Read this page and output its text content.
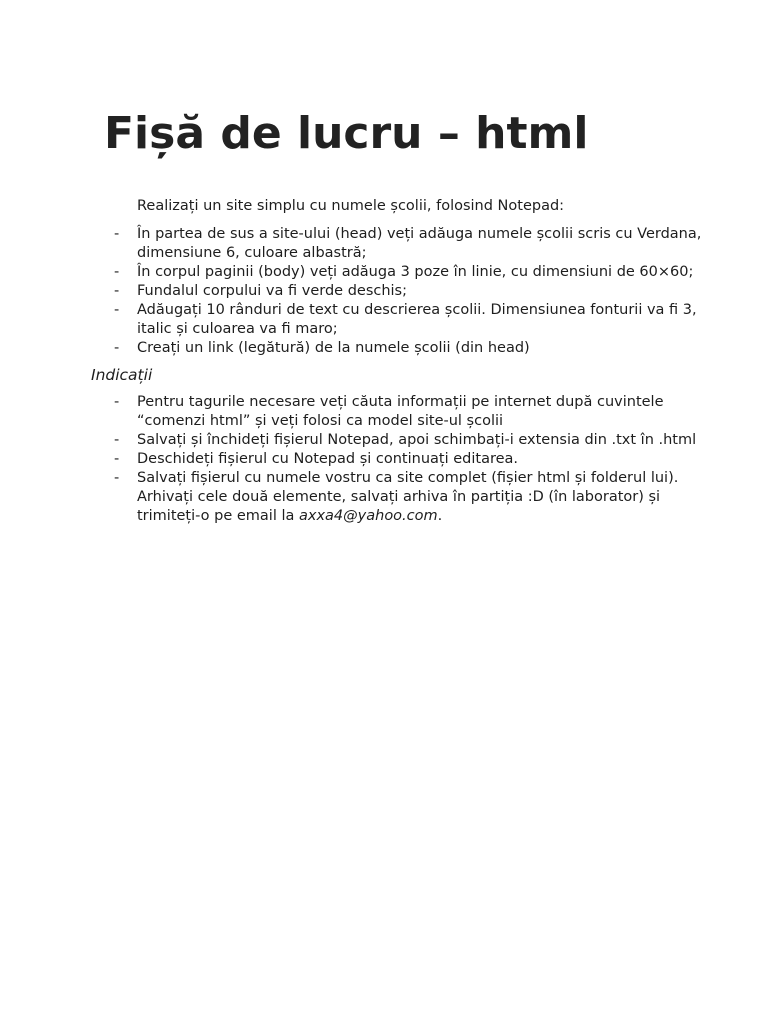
Fișă de lucru – html

Realizați un site simplu cu numele școlii, folosind Notepad:

- În partea de sus a site-ului (head) veți adăuga numele școlii scris cu Verdana,
dimensiune 6, culoare albastră;
- În corpul paginii (body) veți adăuga 3 poze în linie, cu dimensiuni de 60×60;
- Fundalul corpului va fi verde deschis;
- Adăugați 10 rânduri de text cu descrierea școlii. Dimensiunea fonturii va fi 3,
italic și culoarea va fi maro;
- Creați un link (legătură) de la numele școlii (din head)

Indicații

- Pentru tagurile necesare veți căuta informații pe internet după cuvintele
“comenzi html” și veți folosi ca model site-ul școlii
- Salvați și închideți fișierul Notepad, apoi schimbați-i extensia din .txt în .html
- Deschideți fișierul cu Notepad și continuați editarea.
- Salvați fișierul cu numele vostru ca site complet (fișier html și folderul lui).
Arhivați cele două elemente, salvați arhiva în partiția :D (în laborator) și
trimiteți-o pe email la axxa4@yahoo.com.
